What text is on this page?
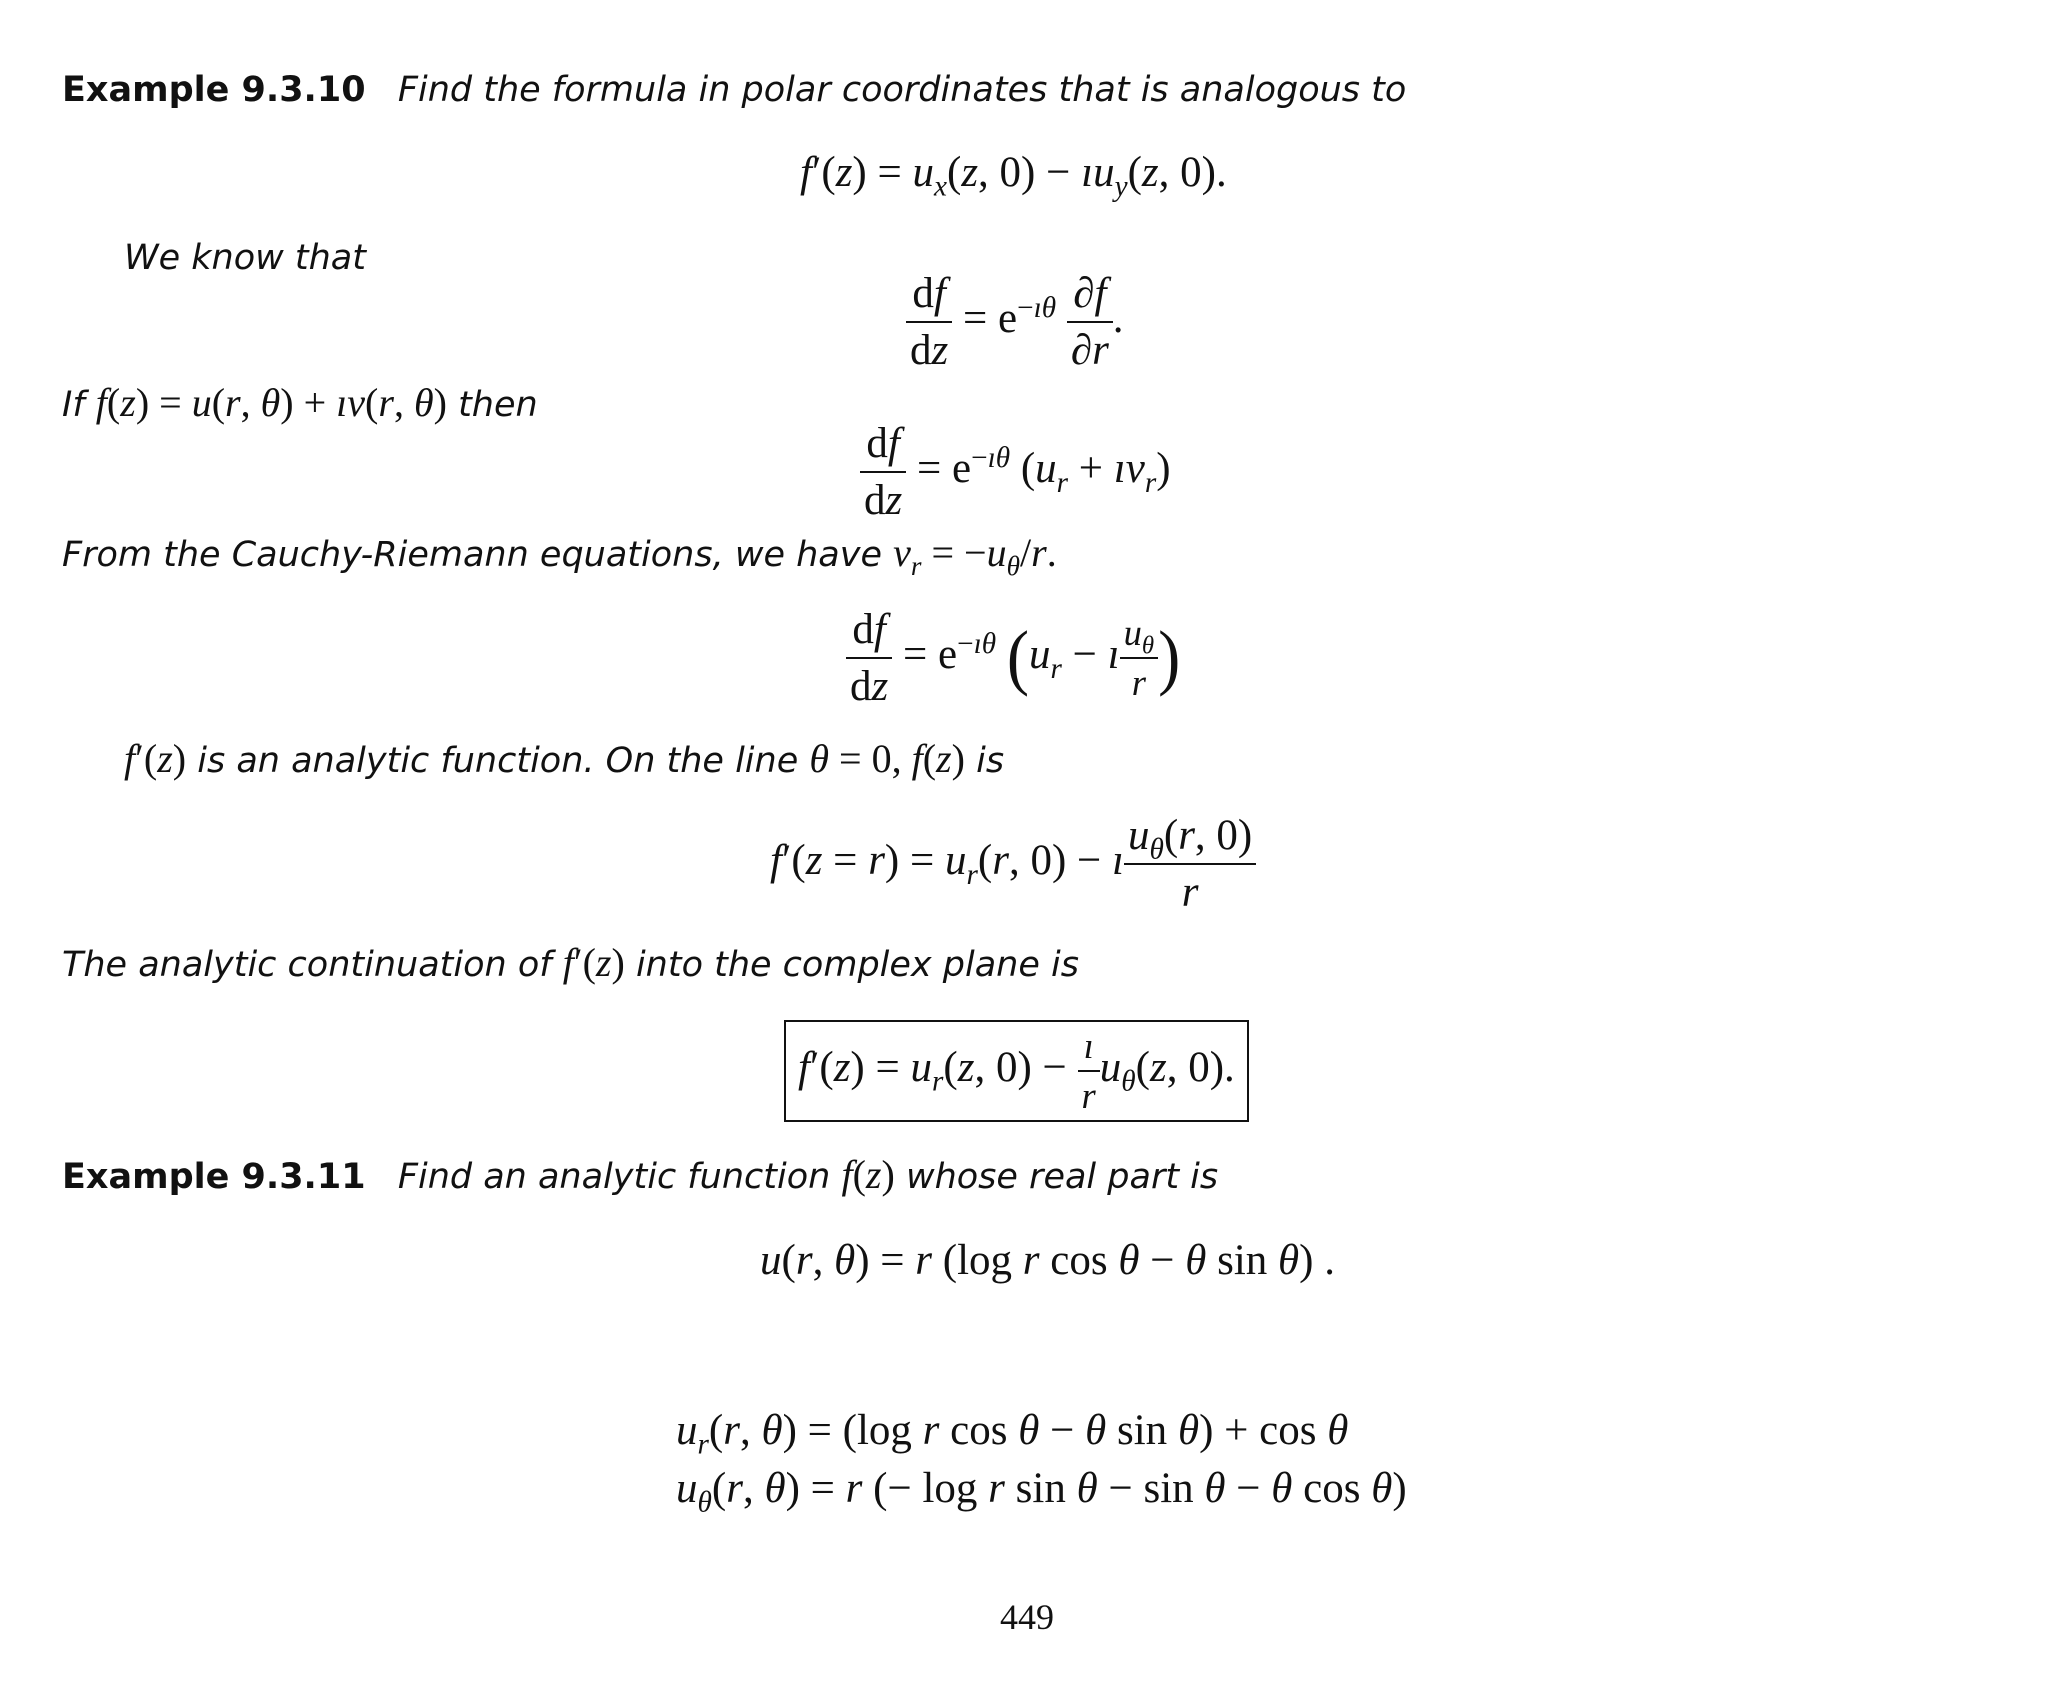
Example 9.3.10 Find the formula in polar coordinates that is analogous to
$f'(z) = u_x(z$, $0) - ıu_y(z$, 0).
We know that
$\frac{df}{dz} = e^{-ı\theta} \frac{\partial f}{\partial r}$ .
If f(z) = u(r, θ) + ıv(r, θ) then
$\frac{df}{dz} = e^{-ı\theta}$ ($u_r$ + $ıv_r$)
From the Cauchy-Riemann equations, we have $v_r = -u_\theta/r$.
$\frac{df}{dz} = e^{-ı\theta}$ ($u_r$ − ı $\frac{u_\theta}{r}$ )
f′(z) is an analytic function. On the line θ = 0, f(z) is
$f'(z = r) = u_r(r$, 0) − ı $\frac{u_\theta(r, 0)}{r}$
The analytic continuation of f′(z) into the complex plane is
$f'(z) = u_r(z$, $0) - \frac{ı}{r} u_\theta(z$, 0).
Example 9.3.11 Find an analytic function f(z) whose real part is
u(r, θ) = r (log r cos θ − θ sin θ) .
$u_r(r$, θ) = (log r cos θ − θ sin θ) + cos θ
$u_\theta(r$, θ) = r (− log r sin θ − sin θ − θ cos θ)
449
